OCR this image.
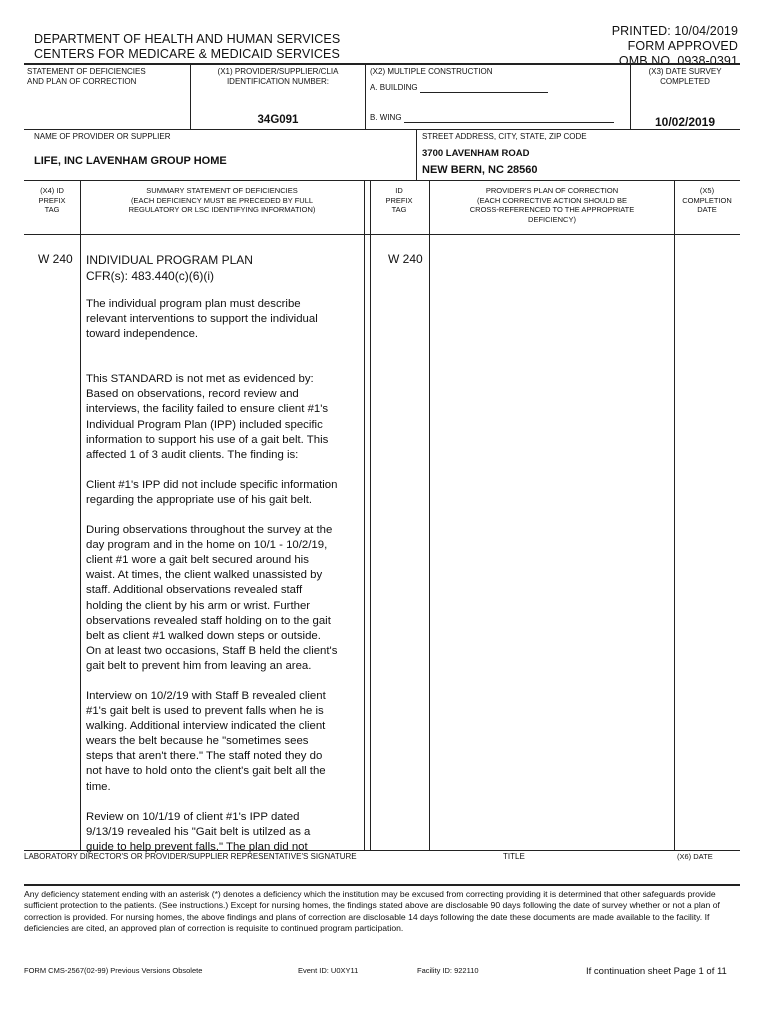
DEPARTMENT OF HEALTH AND HUMAN SERVICES
CENTERS FOR MEDICARE & MEDICAID SERVICES
PRINTED: 10/04/2019
FORM APPROVED
OMB NO. 0938-0391
STATEMENT OF DEFICIENCIES
AND PLAN OF CORRECTION
(X1) PROVIDER/SUPPLIER/CLIA
IDENTIFICATION NUMBER:
34G091
(X2) MULTIPLE CONSTRUCTION
A. BUILDING
B. WING
(X3) DATE SURVEY
COMPLETED
10/02/2019
NAME OF PROVIDER OR SUPPLIER
LIFE, INC LAVENHAM GROUP HOME
STREET ADDRESS, CITY, STATE, ZIP CODE
3700 LAVENHAM ROAD
NEW BERN, NC 28560
(X4) ID
PREFIX
TAG
SUMMARY STATEMENT OF DEFICIENCIES
(EACH DEFICIENCY MUST BE PRECEDED BY FULL
REGULATORY OR LSC IDENTIFYING INFORMATION)
ID
PREFIX
TAG
PROVIDER'S PLAN OF CORRECTION
(EACH CORRECTIVE ACTION SHOULD BE
CROSS-REFERENCED TO THE APPROPRIATE
DEFICIENCY)
(X5)
COMPLETION
DATE
W 240	W 240
INDIVIDUAL PROGRAM PLAN
CFR(s): 483.440(c)(6)(i)
The individual program plan must describe
relevant interventions to support the individual
toward independence.
This STANDARD is not met as evidenced by:
Based on observations, record review and
interviews, the facility failed to ensure client #1's
Individual Program Plan (IPP) included specific
information to support his use of a gait belt. This
affected 1 of 3 audit clients. The finding is:
Client #1's IPP did not include specific information
regarding the appropriate use of his gait belt.
During observations throughout the survey at the
day program and in the home on 10/1 - 10/2/19,
client #1 wore a gait belt secured around his
waist. At times, the client walked unassisted by
staff. Additional observations revealed staff
holding the client by his arm or wrist. Further
observations revealed staff holding on to the gait
belt as client #1 walked down steps or outside.
On at least two occasions, Staff B held the client's
gait belt to prevent him from leaving an area.
Interview on 10/2/19 with Staff B revealed client
#1's gait belt is used to prevent falls when he is
walking. Additional interview indicated the client
wears the belt because he "sometimes sees
steps that aren't there." The staff noted they do
not have to hold onto the client's gait belt all the
time.
Review on 10/1/19 of client #1's IPP dated
9/13/19 revealed his "Gait belt is utilzed as a
guide to help prevent falls." The plan did not
LABORATORY DIRECTOR'S OR PROVIDER/SUPPLIER REPRESENTATIVE'S SIGNATURE	TITLE	(X6) DATE
Any deficiency statement ending with an asterisk (*) denotes a deficiency which the institution may be excused from correcting providing it is determined that other safeguards provide sufficient protection to the patients. (See instructions.) Except for nursing homes, the findings stated above are disclosable 90 days following the date of survey whether or not a plan of correction is provided. For nursing homes, the above findings and plans of correction are disclosable 14 days following the date these documents are made available to the facility. If deficiencies are cited, an approved plan of correction is requisite to continued program participation.
FORM CMS-2567(02-99) Previous Versions Obsolete	Event ID: U0XY11	Facility ID: 922110	If continuation sheet Page 1 of 11
